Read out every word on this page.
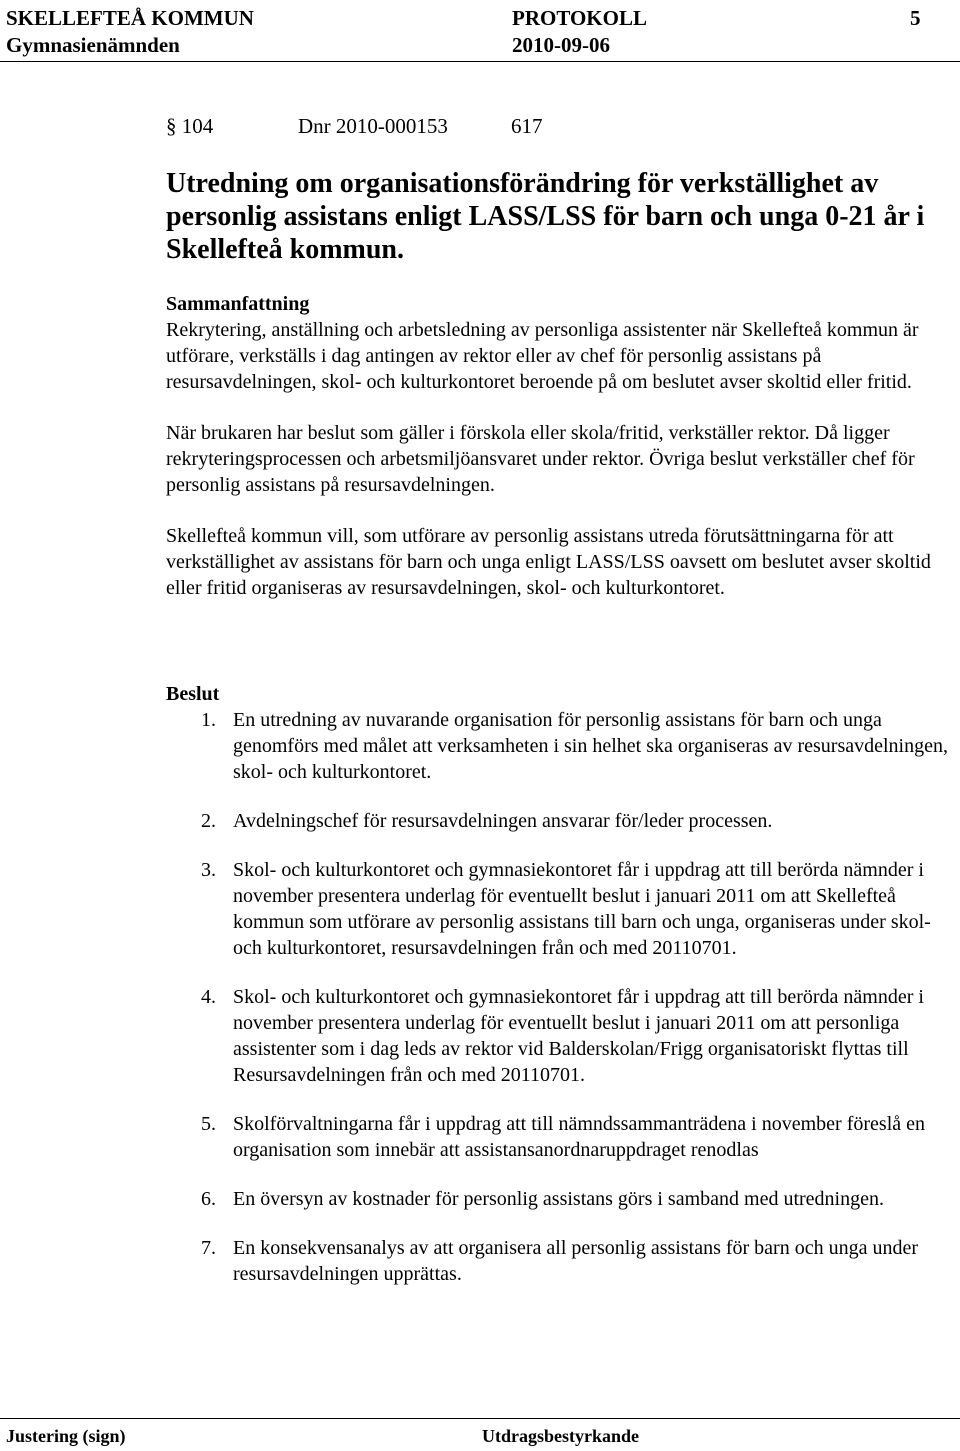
SKELLEFTEÅ KOMMUN	PROTOKOLL	5
Gymnasienämnden	2010-09-06
§ 104	Dnr 2010-000153	617
Utredning om organisationsförändring för verkställighet av personlig assistans enligt LASS/LSS för barn och unga 0-21 år i Skellefteå kommun.

Sammanfattning

Rekrytering, anställning och arbetsledning av personliga assistenter när Skellefteå kommun är utförare, verkställs i dag antingen av rektor eller av chef för personlig assistans på resursavdelningen, skol- och kulturkontoret beroende på om beslutet avser skoltid eller fritid.

När brukaren har beslut som gäller i förskola eller skola/fritid, verkställer rektor. Då ligger rekryteringsprocessen och arbetsmiljöansvaret under rektor. Övriga beslut verkställer chef för personlig assistans på resursavdelningen.

Skellefteå kommun vill, som utförare av personlig assistans utreda förutsättningarna för att verkställighet av assistans för barn och unga enligt LASS/LSS oavsett om beslutet avser skoltid eller fritid organiseras av resursavdelningen, skol- och kulturkontoret.

Beslut

1. En utredning av nuvarande organisation för personlig assistans för barn och unga genomförs med målet att verksamheten i sin helhet ska organiseras av resursavdelningen, skol- och kulturkontoret.
2. Avdelningschef för resursavdelningen ansvarar för/leder processen.
3. Skol- och kulturkontoret och gymnasiekontoret får i uppdrag att till berörda nämnder i november presentera underlag för eventuellt beslut i januari 2011 om att Skellefteå kommun som utförare av personlig assistans till barn och unga, organiseras under skol- och kulturkontoret, resursavdelningen från och med 20110701.
4. Skol- och kulturkontoret och gymnasiekontoret får i uppdrag att till berörda nämnder i november presentera underlag för eventuellt beslut i januari 2011 om att personliga assistenter som i dag leds av rektor vid Balderskolan/Frigg organisatoriskt flyttas till Resursavdelningen från och med 20110701.
5. Skolförvaltningarna får i uppdrag att till nämndssammanträdena i november föreslå en organisation som innebär att assistansanordnaruppdraget renodlas
6. En översyn av kostnader för personlig assistans görs i samband med utredningen.
7. En konsekvensanalys av att organisera all personlig assistans för barn och unga under resursavdelningen upprättas.
Justering (sign)	Utdragsbestyrkande
